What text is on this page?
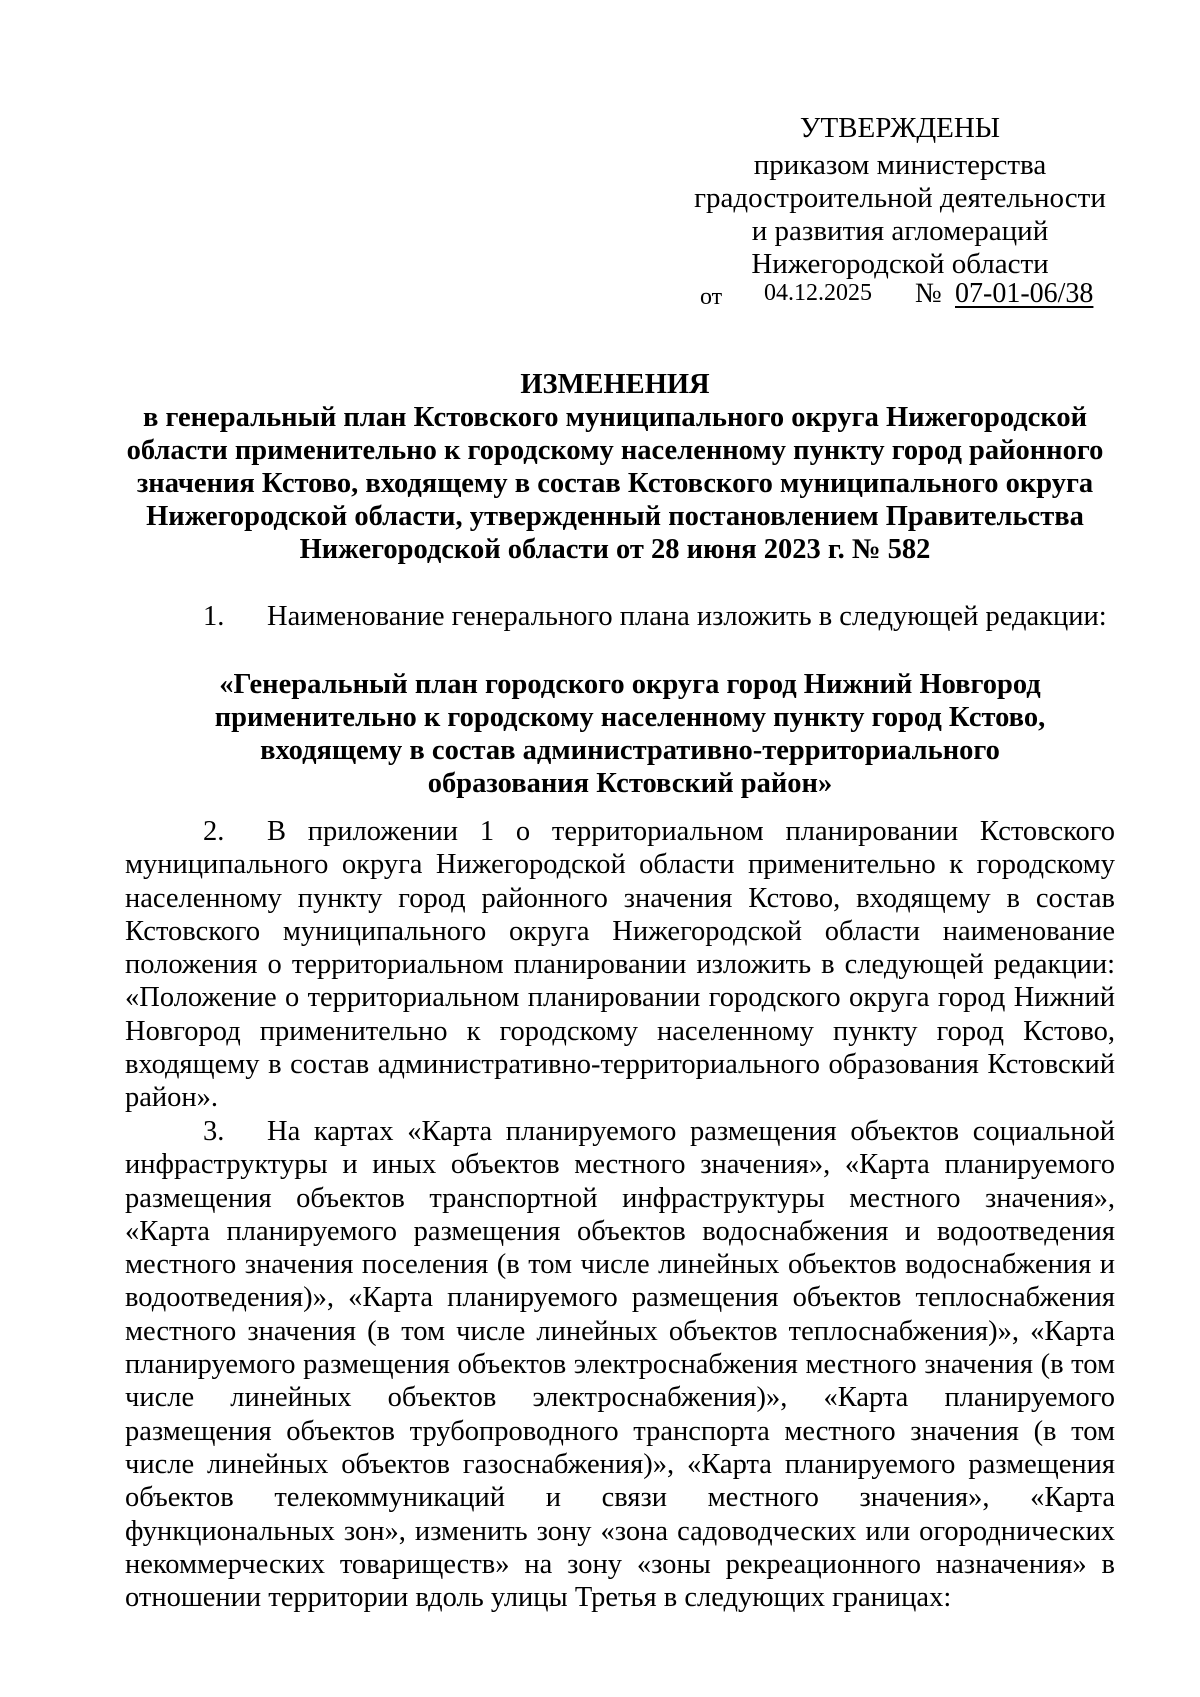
УТВЕРЖДЕНЫ
приказом министерства
градостроительной деятельности
и развития агломераций
Нижегородской области
от 04.12.2025 № 07-01-06/38
ИЗМЕНЕНИЯ
в генеральный план Кстовского муниципального округа Нижегородской области применительно к городскому населенному пункту город районного значения Кстово, входящему в состав Кстовского муниципального округа Нижегородской области, утвержденный постановлением Правительства Нижегородской области от 28 июня 2023 г. № 582
1. Наименование генерального плана изложить в следующей редакции:
«Генеральный план городского округа город Нижний Новгород применительно к городскому населенному пункту город Кстово, входящему в состав административно-территориального образования Кстовский район»
2. В приложении 1 о территориальном планировании Кстовского муниципального округа Нижегородской области применительно к городскому населенному пункту город районного значения Кстово, входящему в состав Кстовского муниципального округа Нижегородской области наименование положения о территориальном планировании изложить в следующей редакции: «Положение о территориальном планировании городского округа город Нижний Новгород применительно к городскому населенному пункту город Кстово, входящему в состав административно-территориального образования Кстовский район».
3. На картах «Карта планируемого размещения объектов социальной инфраструктуры и иных объектов местного значения», «Карта планируемого размещения объектов транспортной инфраструктуры местного значения», «Карта планируемого размещения объектов водоснабжения и водоотведения местного значения поселения (в том числе линейных объектов водоснабжения и водоотведения)», «Карта планируемого размещения объектов теплоснабжения местного значения (в том числе линейных объектов теплоснабжения)», «Карта планируемого размещения объектов электроснабжения местного значения (в том числе линейных объектов электроснабжения)», «Карта планируемого размещения объектов трубопроводного транспорта местного значения (в том числе линейных объектов газоснабжения)», «Карта планируемого размещения объектов телекоммуникаций и связи местного значения», «Карта функциональных зон», изменить зону «зона садоводческих или огороднических некоммерческих товариществ» на зону «зоны рекреационного назначения» в отношении территории вдоль улицы Третья в следующих границах:
